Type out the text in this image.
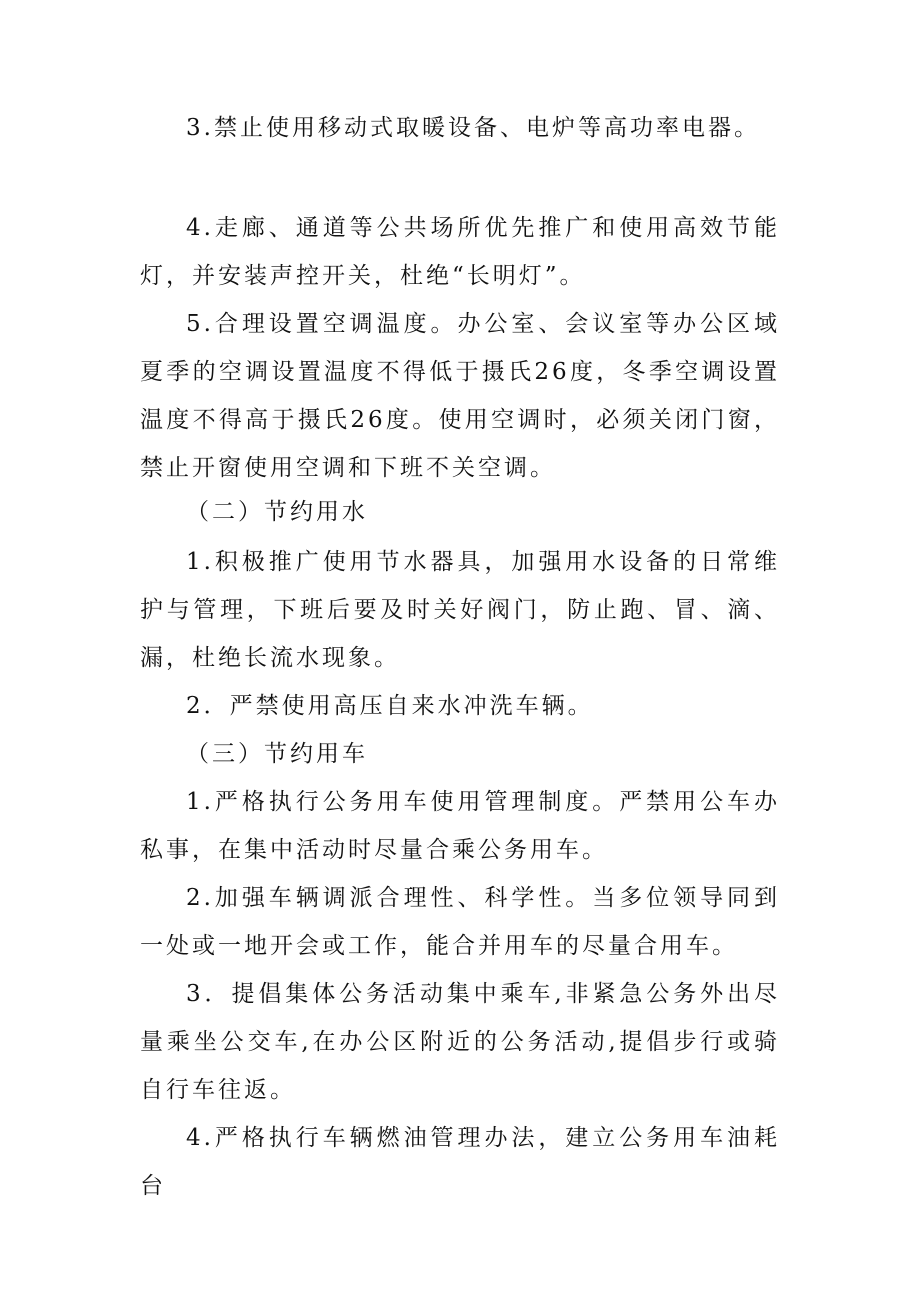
3.禁止使用移动式取暖设备、电炉等高功率电器。

4.走廊、通道等公共场所优先推广和使用高效节能灯，并安装声控开关，杜绝“长明灯”。

5.合理设置空调温度。办公室、会议室等办公区域夏季的空调设置温度不得低于摄氏26度，冬季空调设置温度不得高于摄氏26度。使用空调时，必须关闭门窗，禁止开窗使用空调和下班不关空调。

（二）节约用水

1.积极推广使用节水器具，加强用水设备的日常维护与管理，下班后要及时关好阀门，防止跑、冒、滴、漏，杜绝长流水现象。

2．严禁使用高压自来水冲洗车辆。

（三）节约用车

1.严格执行公务用车使用管理制度。严禁用公车办私事，在集中活动时尽量合乘公务用车。

2.加强车辆调派合理性、科学性。当多位领导同到一处或一地开会或工作，能合并用车的尽量合用车。

3．提倡集体公务活动集中乘车,非紧急公务外出尽量乘坐公交车,在办公区附近的公务活动,提倡步行或骑自行车往返。

4.严格执行车辆燃油管理办法，建立公务用车油耗台
